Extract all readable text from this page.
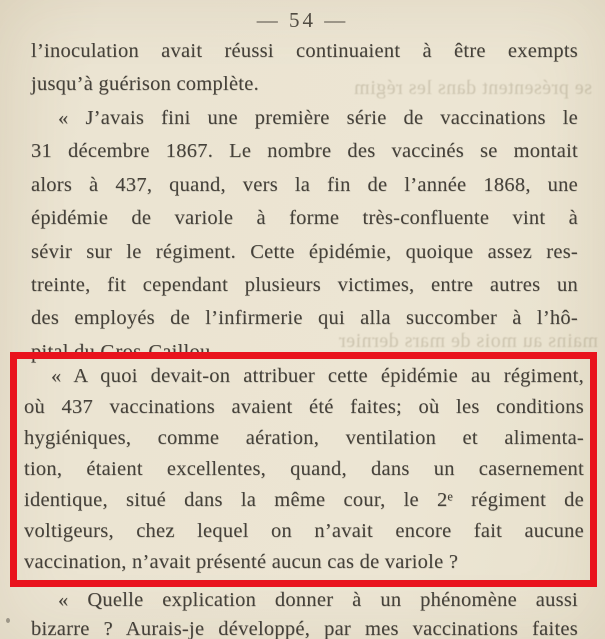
— 54 —
se présentent dans les régim
mains au mois de mars dernier
l’inoculation avait réussi continuaient à être exempts
jusqu’à guérison complète.
« J’avais fini une première série de vaccinations le
31 décembre 1867. Le nombre des vaccinés se montait
alors à 437, quand, vers la fin de l’année 1868, une
épidémie de variole à forme très-confluente vint à
sévir sur le régiment. Cette épidémie, quoique assez res-
treinte, fit cependant plusieurs victimes, entre autres un
des employés de l’infirmerie qui alla succomber à l’hô-
pital du Gros-Caillou.
« A quoi devait-on attribuer cette épidémie au régiment,
où 437 vaccinations avaient été faites; où les conditions
hygiéniques, comme aération, ventilation et alimenta-
tion, étaient excellentes, quand, dans un casernement
identique, situé dans la même cour, le 2ᵉ régiment de
voltigeurs, chez lequel on n’avait encore fait aucune
vaccination, n’avait présenté aucun cas de variole ?
« Quelle explication donner à un phénomène aussi
bizarre ? Aurais-je développé, par mes vaccinations faites
